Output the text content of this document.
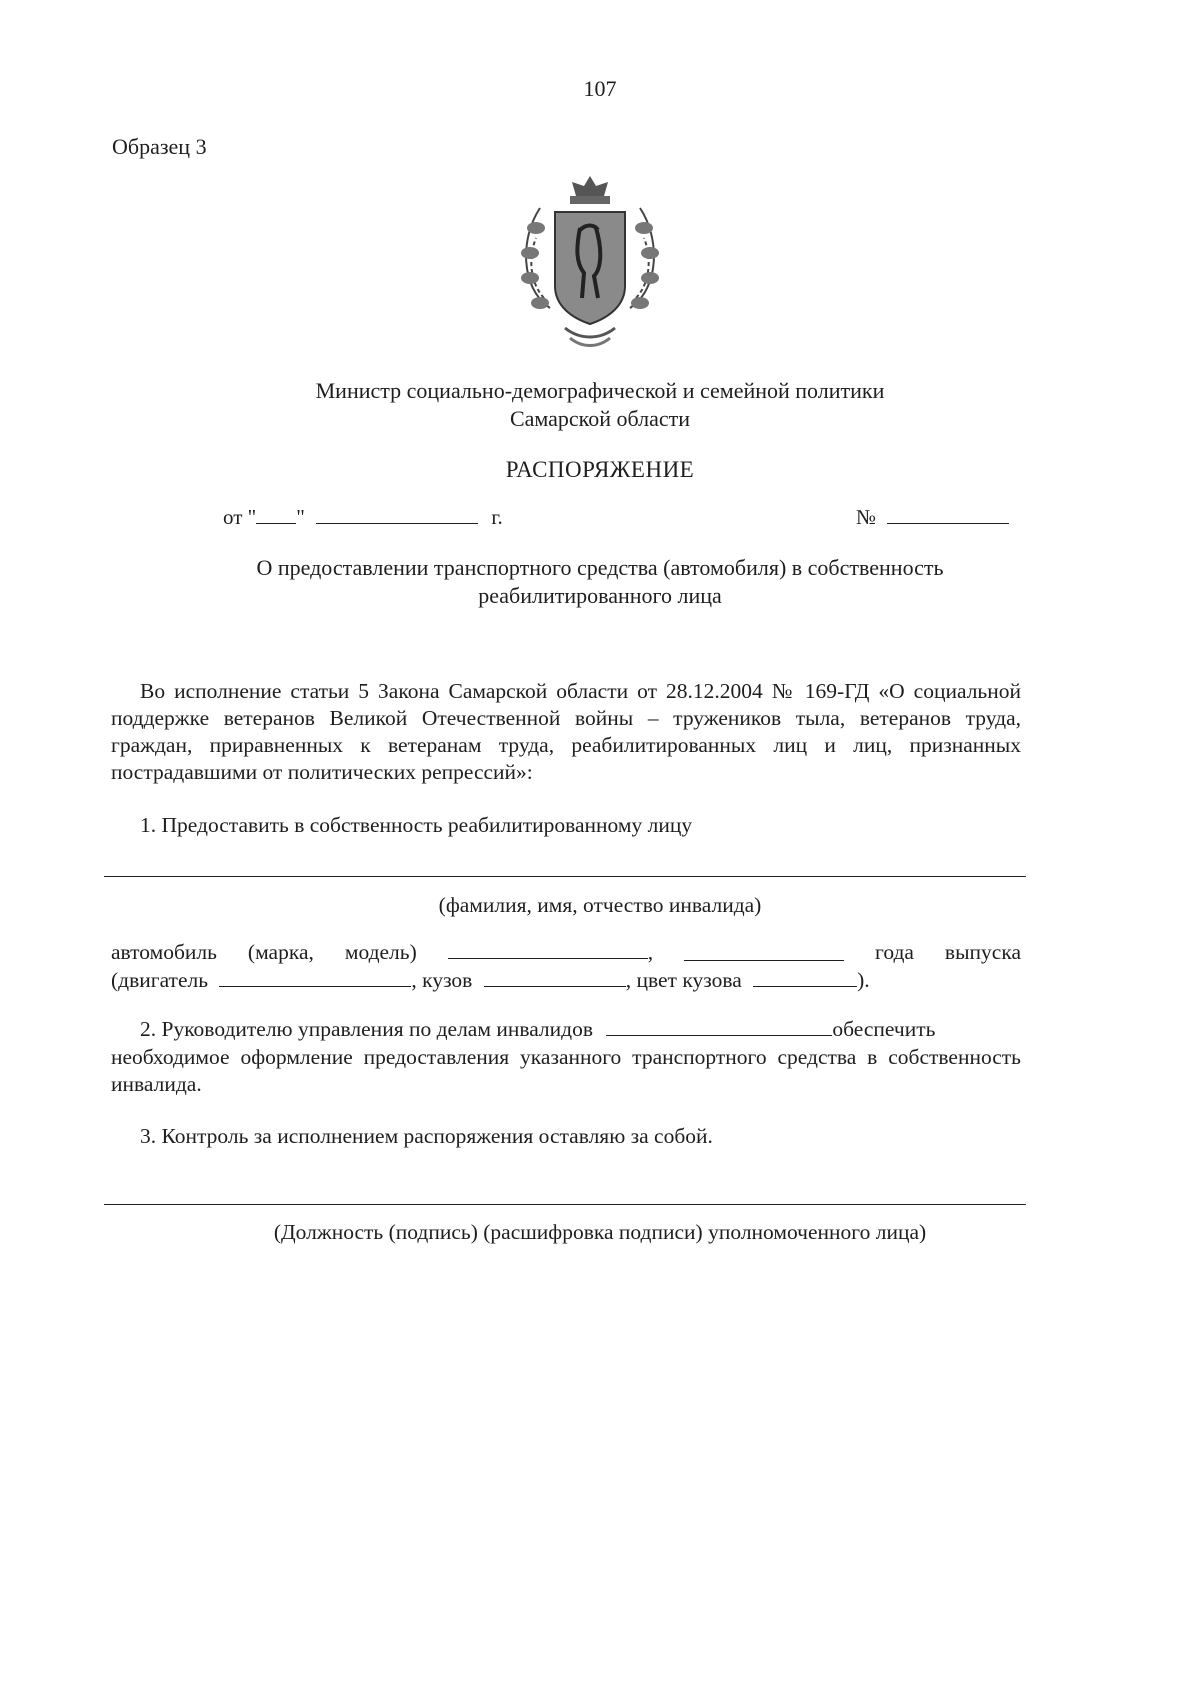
107
Образец 3
Министр социально-демографической и семейной политики
Самарской области
РАСПОРЯЖЕНИЕ
от " "	г.	№
О предоставлении транспортного средства (автомобиля) в собственность
реабилитированного лица
Во исполнение статьи 5 Закона Самарской области от 28.12.2004 № 169-ГД «О социальной поддержке ветеранов Великой Отечественной войны – тружеников тыла, ветеранов труда, граждан, приравненных к ветеранам труда, реабилитированных лиц и лиц, признанных пострадавшими от политических репрессий»:
1. Предоставить в собственность реабилитированному лицу
(фамилия, имя, отчество инвалида)
автомобиль (марка, модель)	,	года выпуска
(двигатель	, кузов	, цвет кузова	).
2. Руководителю управления по делам инвалидов	обеспечить
необходимое оформление предоставления указанного транспортного средства в собственность инвалида.
3. Контроль за исполнением распоряжения оставляю за собой.
(Должность (подпись) (расшифровка подписи) уполномоченного лица)
